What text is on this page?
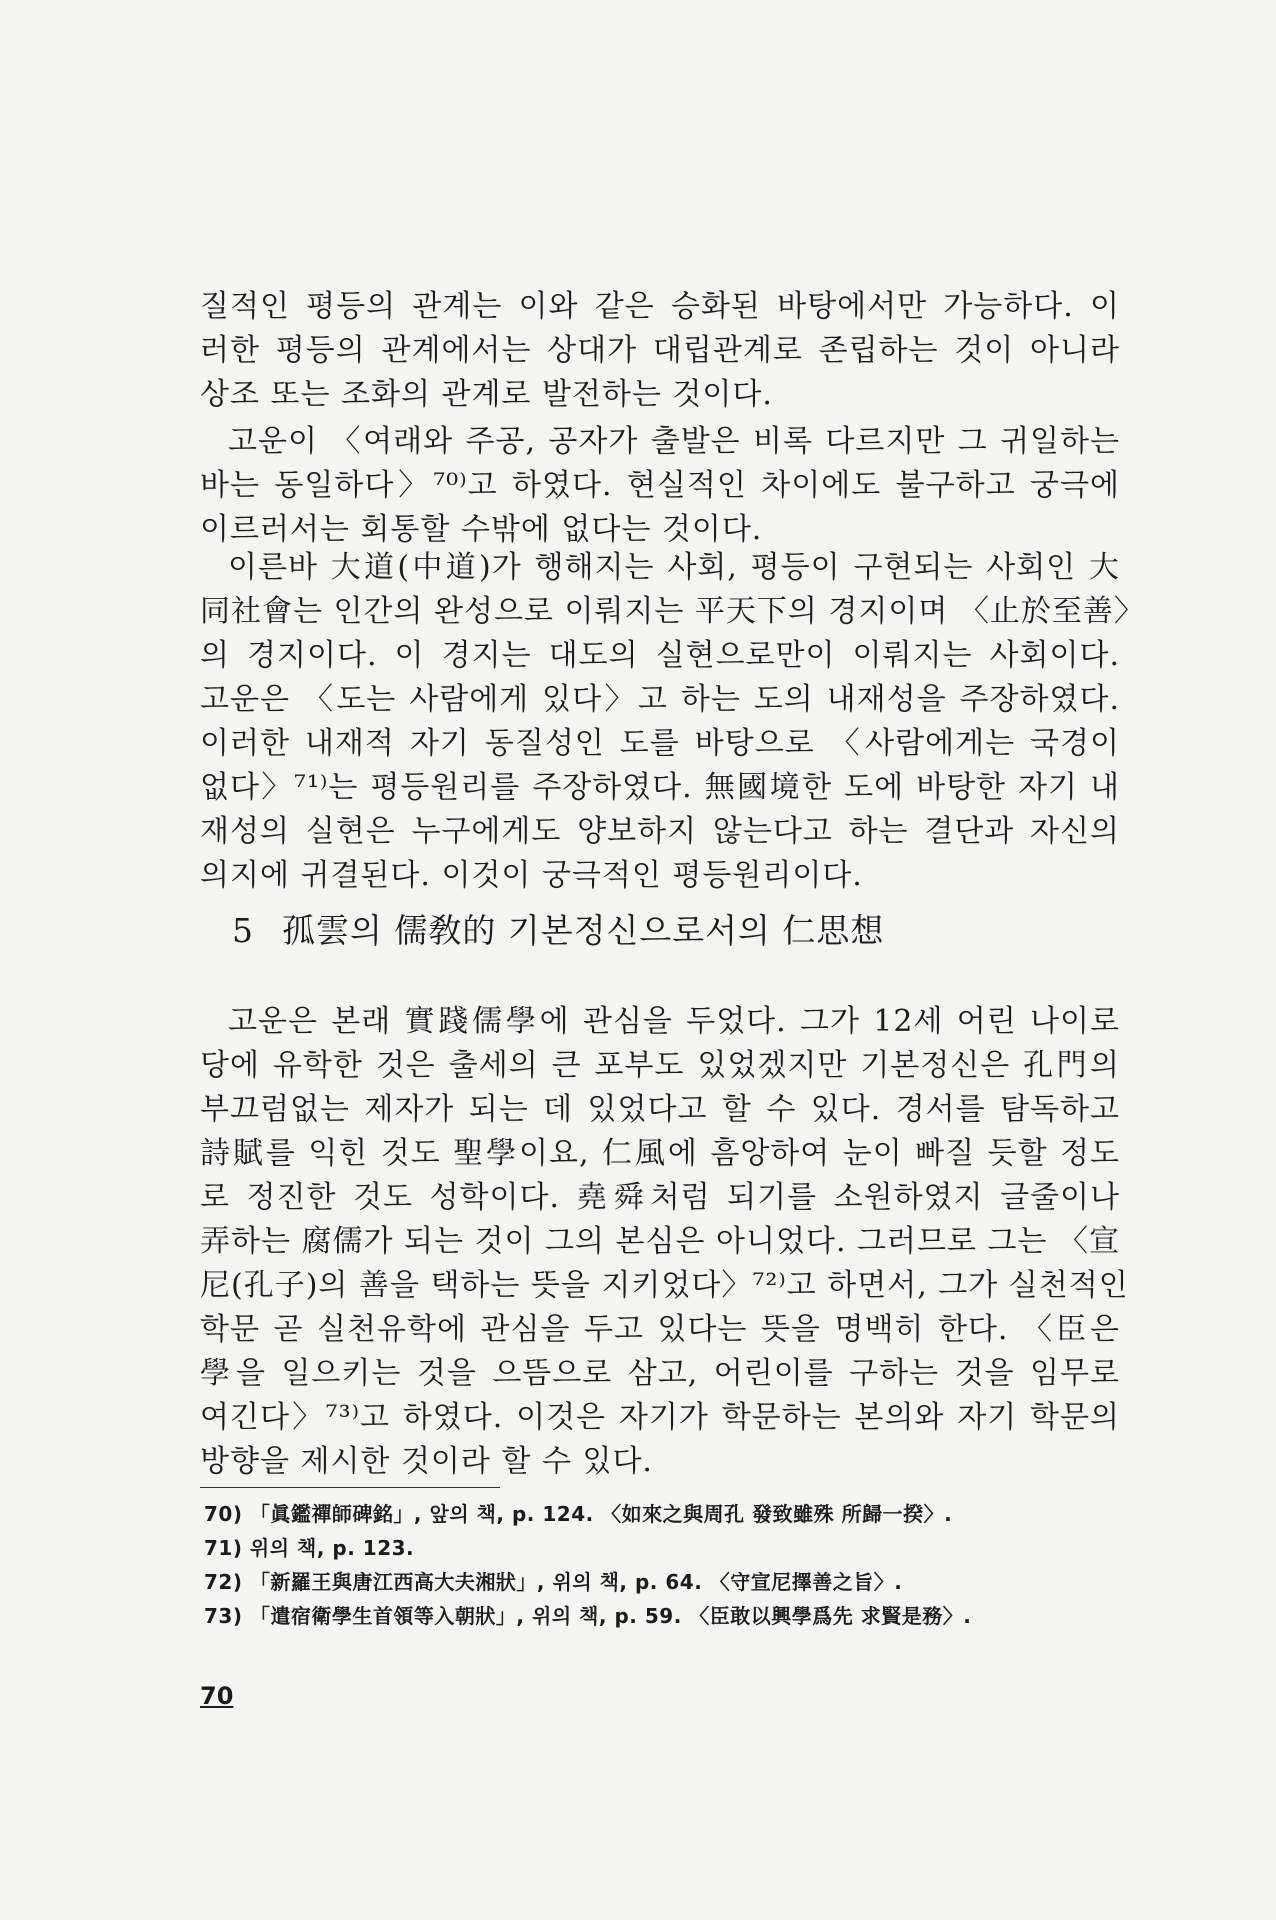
질적인 평등의 관계는 이와 같은 승화된 바탕에서만 가능하다. 이
러한 평등의 관계에서는 상대가 대립관계로 존립하는 것이 아니라
상조 또는 조화의 관계로 발전하는 것이다.
고운이 〈여래와 주공, 공자가 출발은 비록 다르지만 그 귀일하는
바는 동일하다〉⁷⁰⁾고 하였다. 현실적인 차이에도 불구하고 궁극에
이르러서는 회통할 수밖에 없다는 것이다.
이른바 大道(中道)가 행해지는 사회, 평등이 구현되는 사회인 大
同社會는 인간의 완성으로 이뤄지는 平天下의 경지이며 〈止於至善〉
의 경지이다. 이 경지는 대도의 실현으로만이 이뤄지는 사회이다.
고운은 〈도는 사람에게 있다〉고 하는 도의 내재성을 주장하였다.
이러한 내재적 자기 동질성인 도를 바탕으로 〈사람에게는 국경이
없다〉⁷¹⁾는 평등원리를 주장하였다. 無國境한 도에 바탕한 자기 내
재성의 실현은 누구에게도 양보하지 않는다고 하는 결단과 자신의
의지에 귀결된다. 이것이 궁극적인 평등원리이다.
5 孤雲의 儒敎的 기본정신으로서의 仁思想
고운은 본래 實踐儒學에 관심을 두었다. 그가 12세 어린 나이로
당에 유학한 것은 출세의 큰 포부도 있었겠지만 기본정신은 孔門의
부끄럼없는 제자가 되는 데 있었다고 할 수 있다. 경서를 탐독하고
詩賦를 익힌 것도 聖學이요, 仁風에 흠앙하여 눈이 빠질 듯할 정도
로 정진한 것도 성학이다. 堯舜처럼 되기를 소원하였지 글줄이나
弄하는 腐儒가 되는 것이 그의 본심은 아니었다. 그러므로 그는 〈宣
尼(孔子)의 善을 택하는 뜻을 지키었다〉⁷²⁾고 하면서, 그가 실천적인
학문 곧 실천유학에 관심을 두고 있다는 뜻을 명백히 한다. 〈臣은
學을 일으키는 것을 으뜸으로 삼고, 어린이를 구하는 것을 임무로
여긴다〉⁷³⁾고 하였다. 이것은 자기가 학문하는 본의와 자기 학문의
방향을 제시한 것이라 할 수 있다.
70) 「眞鑑禪師碑銘」, 앞의 책, p. 124. 〈如來之與周孔 發致雖殊 所歸一揆〉.
71) 위의 책, p. 123.
72) 「新羅王與唐江西高大夫湘狀」, 위의 책, p. 64. 〈守宣尼擇善之旨〉.
73) 「遣宿衛學生首領等入朝狀」, 위의 책, p. 59. 〈臣敢以興學爲先 求賢是務〉.
70
